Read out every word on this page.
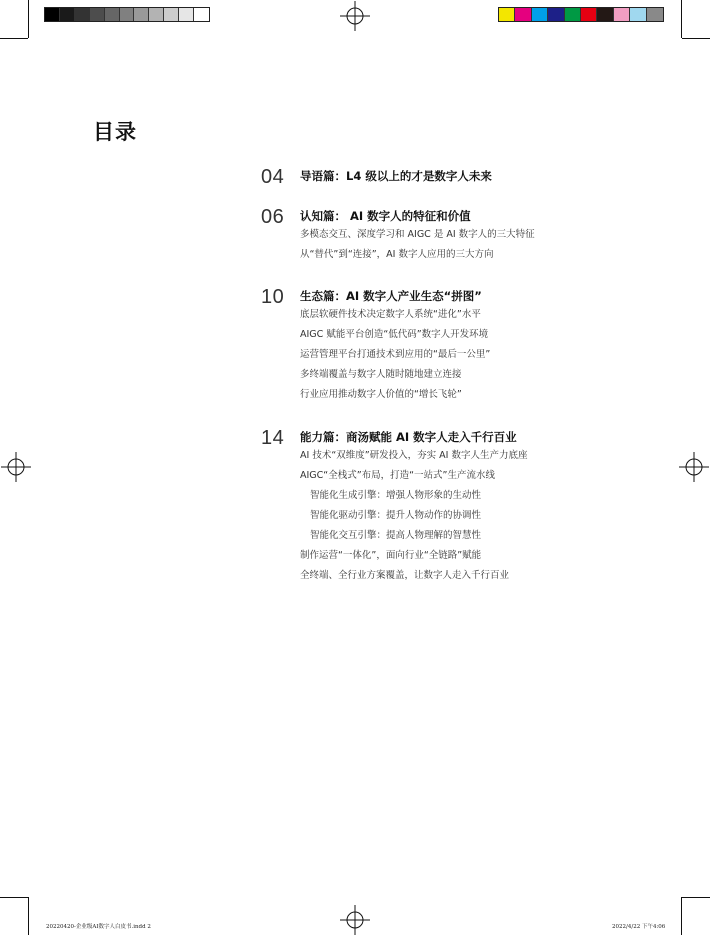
目录
04 导语篇：L4 级以上的才是数字人未来
06 认知篇： AI 数字人的特征和价值
多模态交互、深度学习和 AIGC 是 AI 数字人的三大特征
从“替代”到“连接”，AI 数字人应用的三大方向
10 生态篇：AI 数字人产业生态“拼图”
底层软硬件技术决定数字人系统“进化”水平
AIGC 赋能平台创造“低代码”数字人开发环境
运营管理平台打通技术到应用的“最后一公里”
多终端覆盖与数字人随时随地建立连接
行业应用推动数字人价值的“增长飞轮”
14 能力篇：商汤赋能 AI 数字人走入千行百业
AI 技术“双维度”研发投入，夯实 AI 数字人生产力底座
AIGC“全栈式”布局，打造“一站式”生产流水线
智能化生成引擎：增强人物形象的生动性
智能化驱动引擎：提升人物动作的协调性
智能化交互引擎：提高人物理解的智慧性
制作运营“一体化”，面向行业“全链路”赋能
全终端、全行业方案覆盖，让数字人走入千行百业
20220420-企业级AI数字人白皮书.indd 2	2022/4/22 下午4:06
